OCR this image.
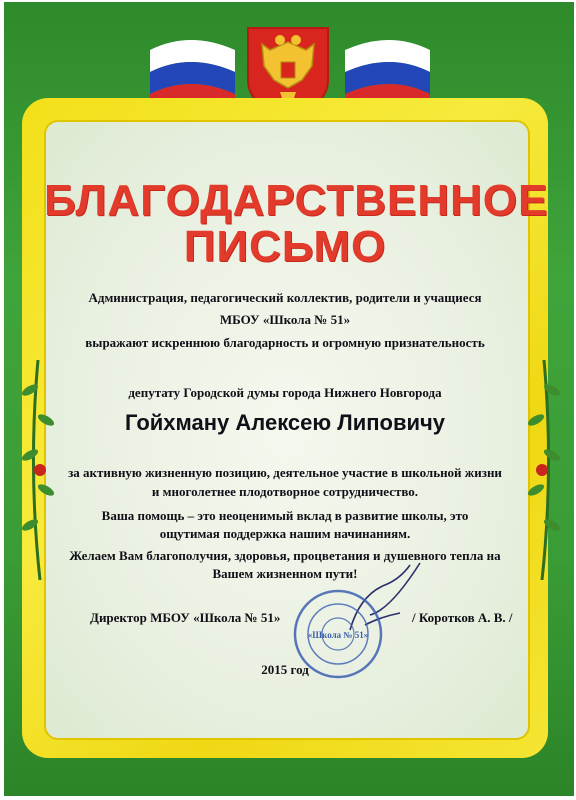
БЛАГОДАРСТВЕННОЕ
ПИСЬМО

Администрация, педагогический коллектив, родители и учащиеся

МБОУ «Школа № 51»

выражают искреннюю благодарность и огромную признательность

депутату Городской думы города Нижнего Новгорода

Гойхману Алексею Липовичу

за активную жизненную позицию, деятельное участие в школьной жизни

и многолетнее плодотворное сотрудничество.

Ваша помощь – это неоценимый вклад в развитие школы, это

ощутимая поддержка нашим начинаниям.

Желаем Вам благополучия, здоровья, процветания и душевного тепла на

Вашем жизненном пути!

Директор МБОУ «Школа № 51»	/ Коротков А. В. /

«Школа № 51»

2015 год
